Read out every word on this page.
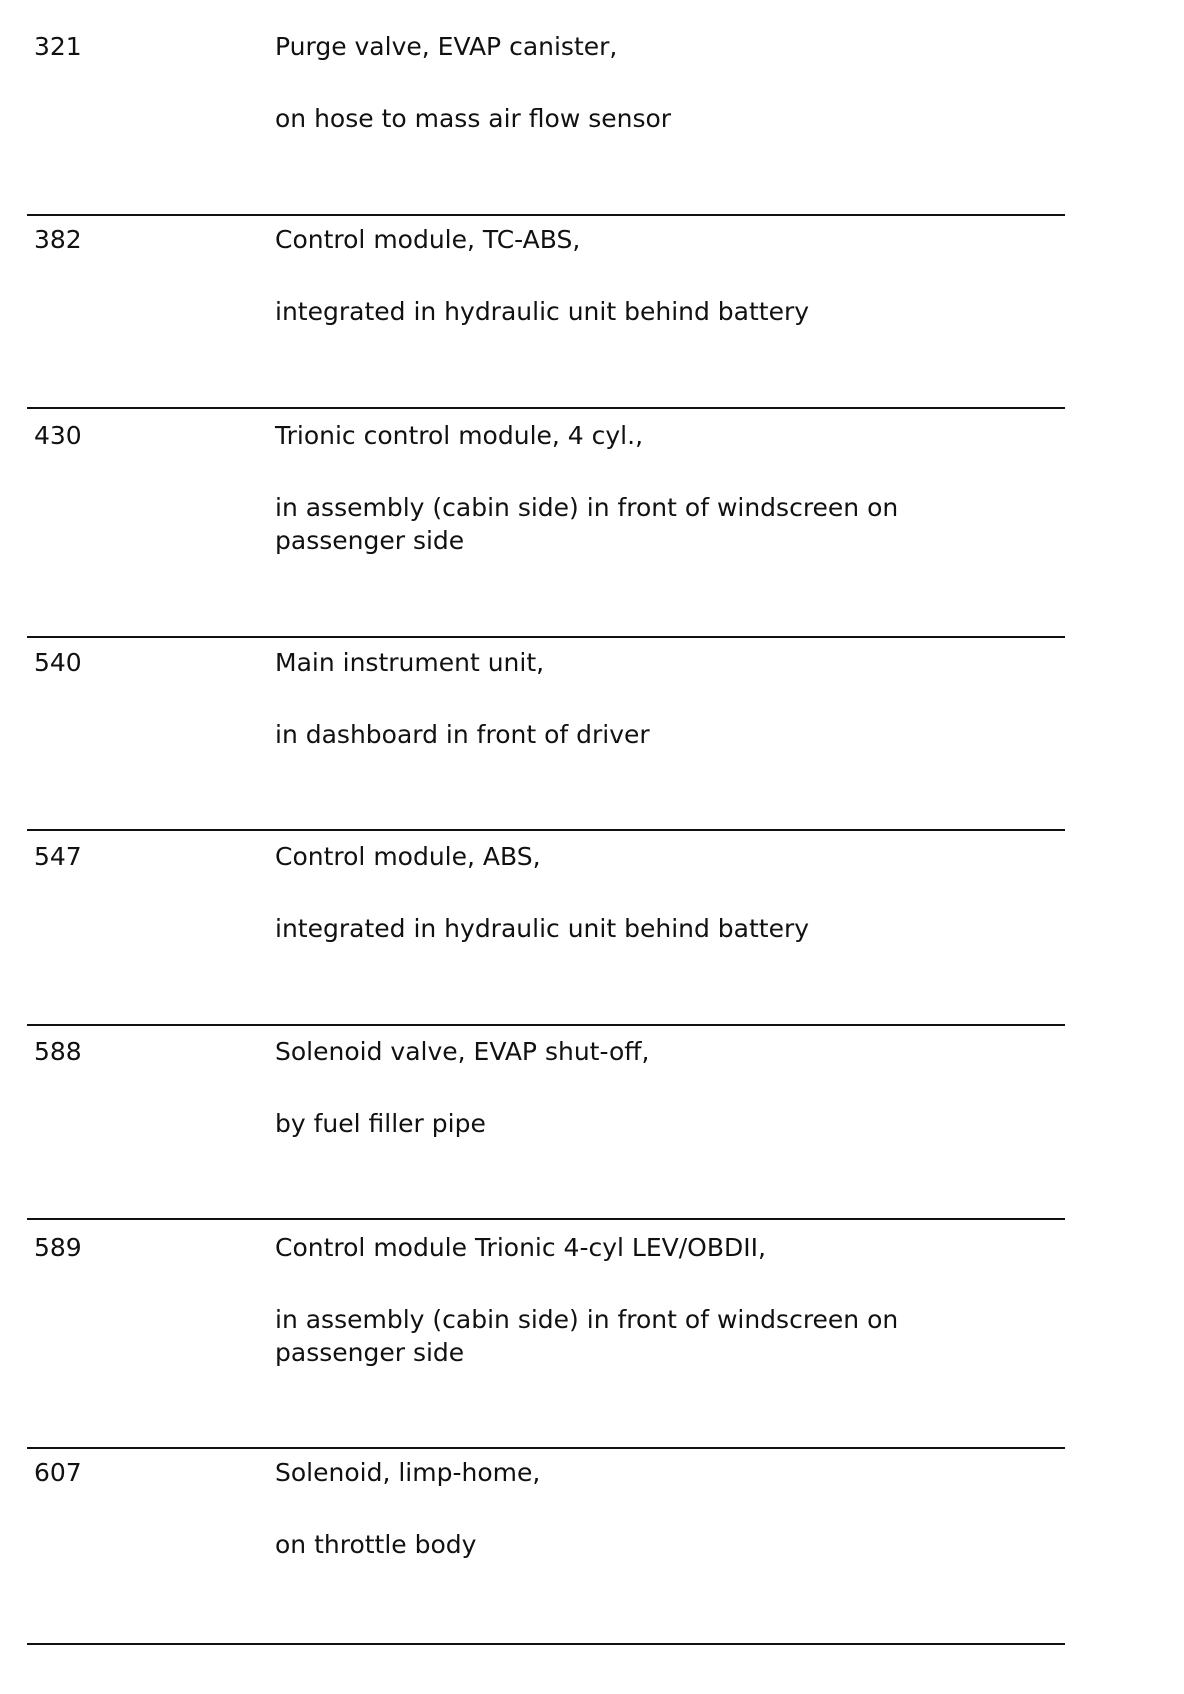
321	Purge valve, EVAP canister,
on hose to mass air flow sensor
382	Control module, TC-ABS,
integrated in hydraulic unit behind battery
430	Trionic control module, 4 cyl.,
in assembly (cabin side) in front of windscreen on passenger side
540	Main instrument unit,
in dashboard in front of driver
547	Control module, ABS,
integrated in hydraulic unit behind battery
588	Solenoid valve, EVAP shut-off,
by fuel filler pipe
589	Control module Trionic 4-cyl LEV/OBDII,
in assembly (cabin side) in front of windscreen on passenger side
607	Solenoid, limp-home,
on throttle body
